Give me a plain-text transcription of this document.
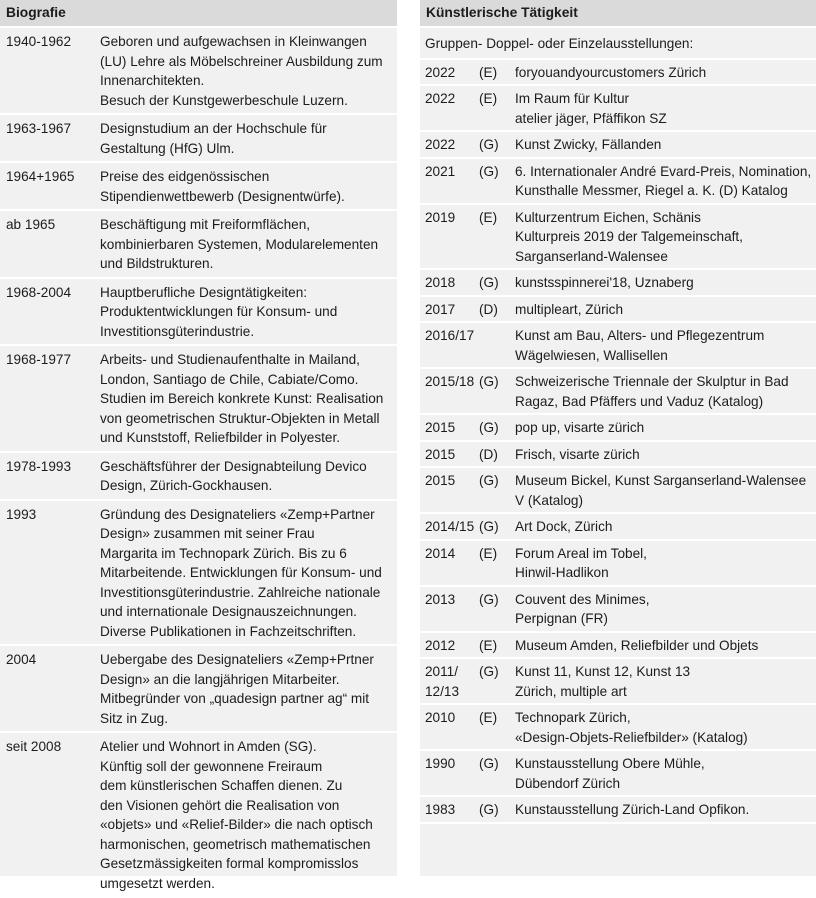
Biografie
1940-1962	Geboren und aufgewachsen in Kleinwangen
(LU) Lehre als Möbelschreiner Ausbildung zum
Innenarchitekten.
Besuch der Kunstgewerbeschule Luzern.
1963-1967	Designstudium an der Hochschule für
Gestaltung (HfG) Ulm.
1964+1965	Preise des eidgenössischen
Stipendienwettbewerb (Designentwürfe).
ab 1965	Beschäftigung mit Freiformflächen,
kombinierbaren Systemen, Modularelementen
und Bildstrukturen.
1968-2004	Hauptberufliche Designtätigkeiten:
Produktentwicklungen für Konsum- und
Investitionsgüterindustrie.
1968-1977	Arbeits- und Studienaufenthalte in Mailand,
London, Santiago de Chile, Cabiate/Como.
Studien im Bereich konkrete Kunst: Realisation
von geometrischen Struktur-Objekten in Metall
und Kunststoff, Reliefbilder in Polyester.
1978-1993	Geschäftsführer der Designabteilung Devico
Design, Zürich-Gockhausen.
1993	Gründung des Designateliers «Zemp+Partner
Design» zusammen mit seiner Frau
Margarita im Technopark Zürich. Bis zu 6
Mitarbeitende. Entwicklungen für Konsum- und
Investitionsgüterindustrie. Zahlreiche nationale
und internationale Designauszeichnungen.
Diverse Publikationen in Fachzeitschriften.
2004	Uebergabe des Designateliers «Zemp+Prtner
Design» an die langjährigen Mitarbeiter.
Mitbegründer von „quadesign partner ag“ mit
Sitz in Zug.
seit 2008	Atelier und Wohnort in Amden (SG).
Künftig soll der gewonnene Freiraum
dem künstlerischen Schaffen dienen. Zu
den Visionen gehört die Realisation von
«objets» und «Relief-Bilder» die nach optisch
harmonischen, geometrisch mathematischen
Gesetzmässigkeiten formal kompromisslos
umgesetzt werden.
Künstlerische Tätigkeit
Gruppen- Doppel- oder Einzelausstellungen:
2022	(E)	foryouandyourcustomers Zürich
2022	(E)	Im Raum für Kultur
atelier jäger, Pfäffikon SZ
2022	(G)	Kunst Zwicky, Fällanden
2021	(G)	6. Internationaler André Evard-Preis, Nomination,
Kunsthalle Messmer, Riegel a. K. (D) Katalog
2019	(E)	Kulturzentrum Eichen, Schänis
Kulturpreis 2019 der Talgemeinschaft,
Sarganserland-Walensee
2018	(G)	kunstsspinnerei'18, Uznaberg
2017	(D)	multipleart, Zürich
2016/17	Kunst am Bau, Alters- und Pflegezentrum
Wägelwiesen, Wallisellen
2015/18 (G)	Schweizerische Triennale der Skulptur in Bad
Ragaz, Bad Pfäffers und Vaduz (Katalog)
2015	(G)	pop up, visarte zürich
2015	(D)	Frisch, visarte zürich
2015	(G)	Museum Bickel, Kunst Sarganserland-Walensee
V (Katalog)
2014/15 (G)	Art Dock, Zürich
2014	(E)	Forum Areal im Tobel,
Hinwil-Hadlikon
2013	(G)	Couvent des Minimes,
Perpignan (FR)
2012	(E)	Museum Amden, Reliefbilder und Objets
2011/
12/13
(G)	Kunst 11, Kunst 12, Kunst 13
Zürich, multiple art
2010	(E)	Technopark Zürich,
«Design-Objets-Reliefbilder» (Katalog)
1990	(G)	Kunstausstellung Obere Mühle,
Dübendorf Zürich
1983	(G)	Kunstausstellung Zürich-Land Opfikon.
